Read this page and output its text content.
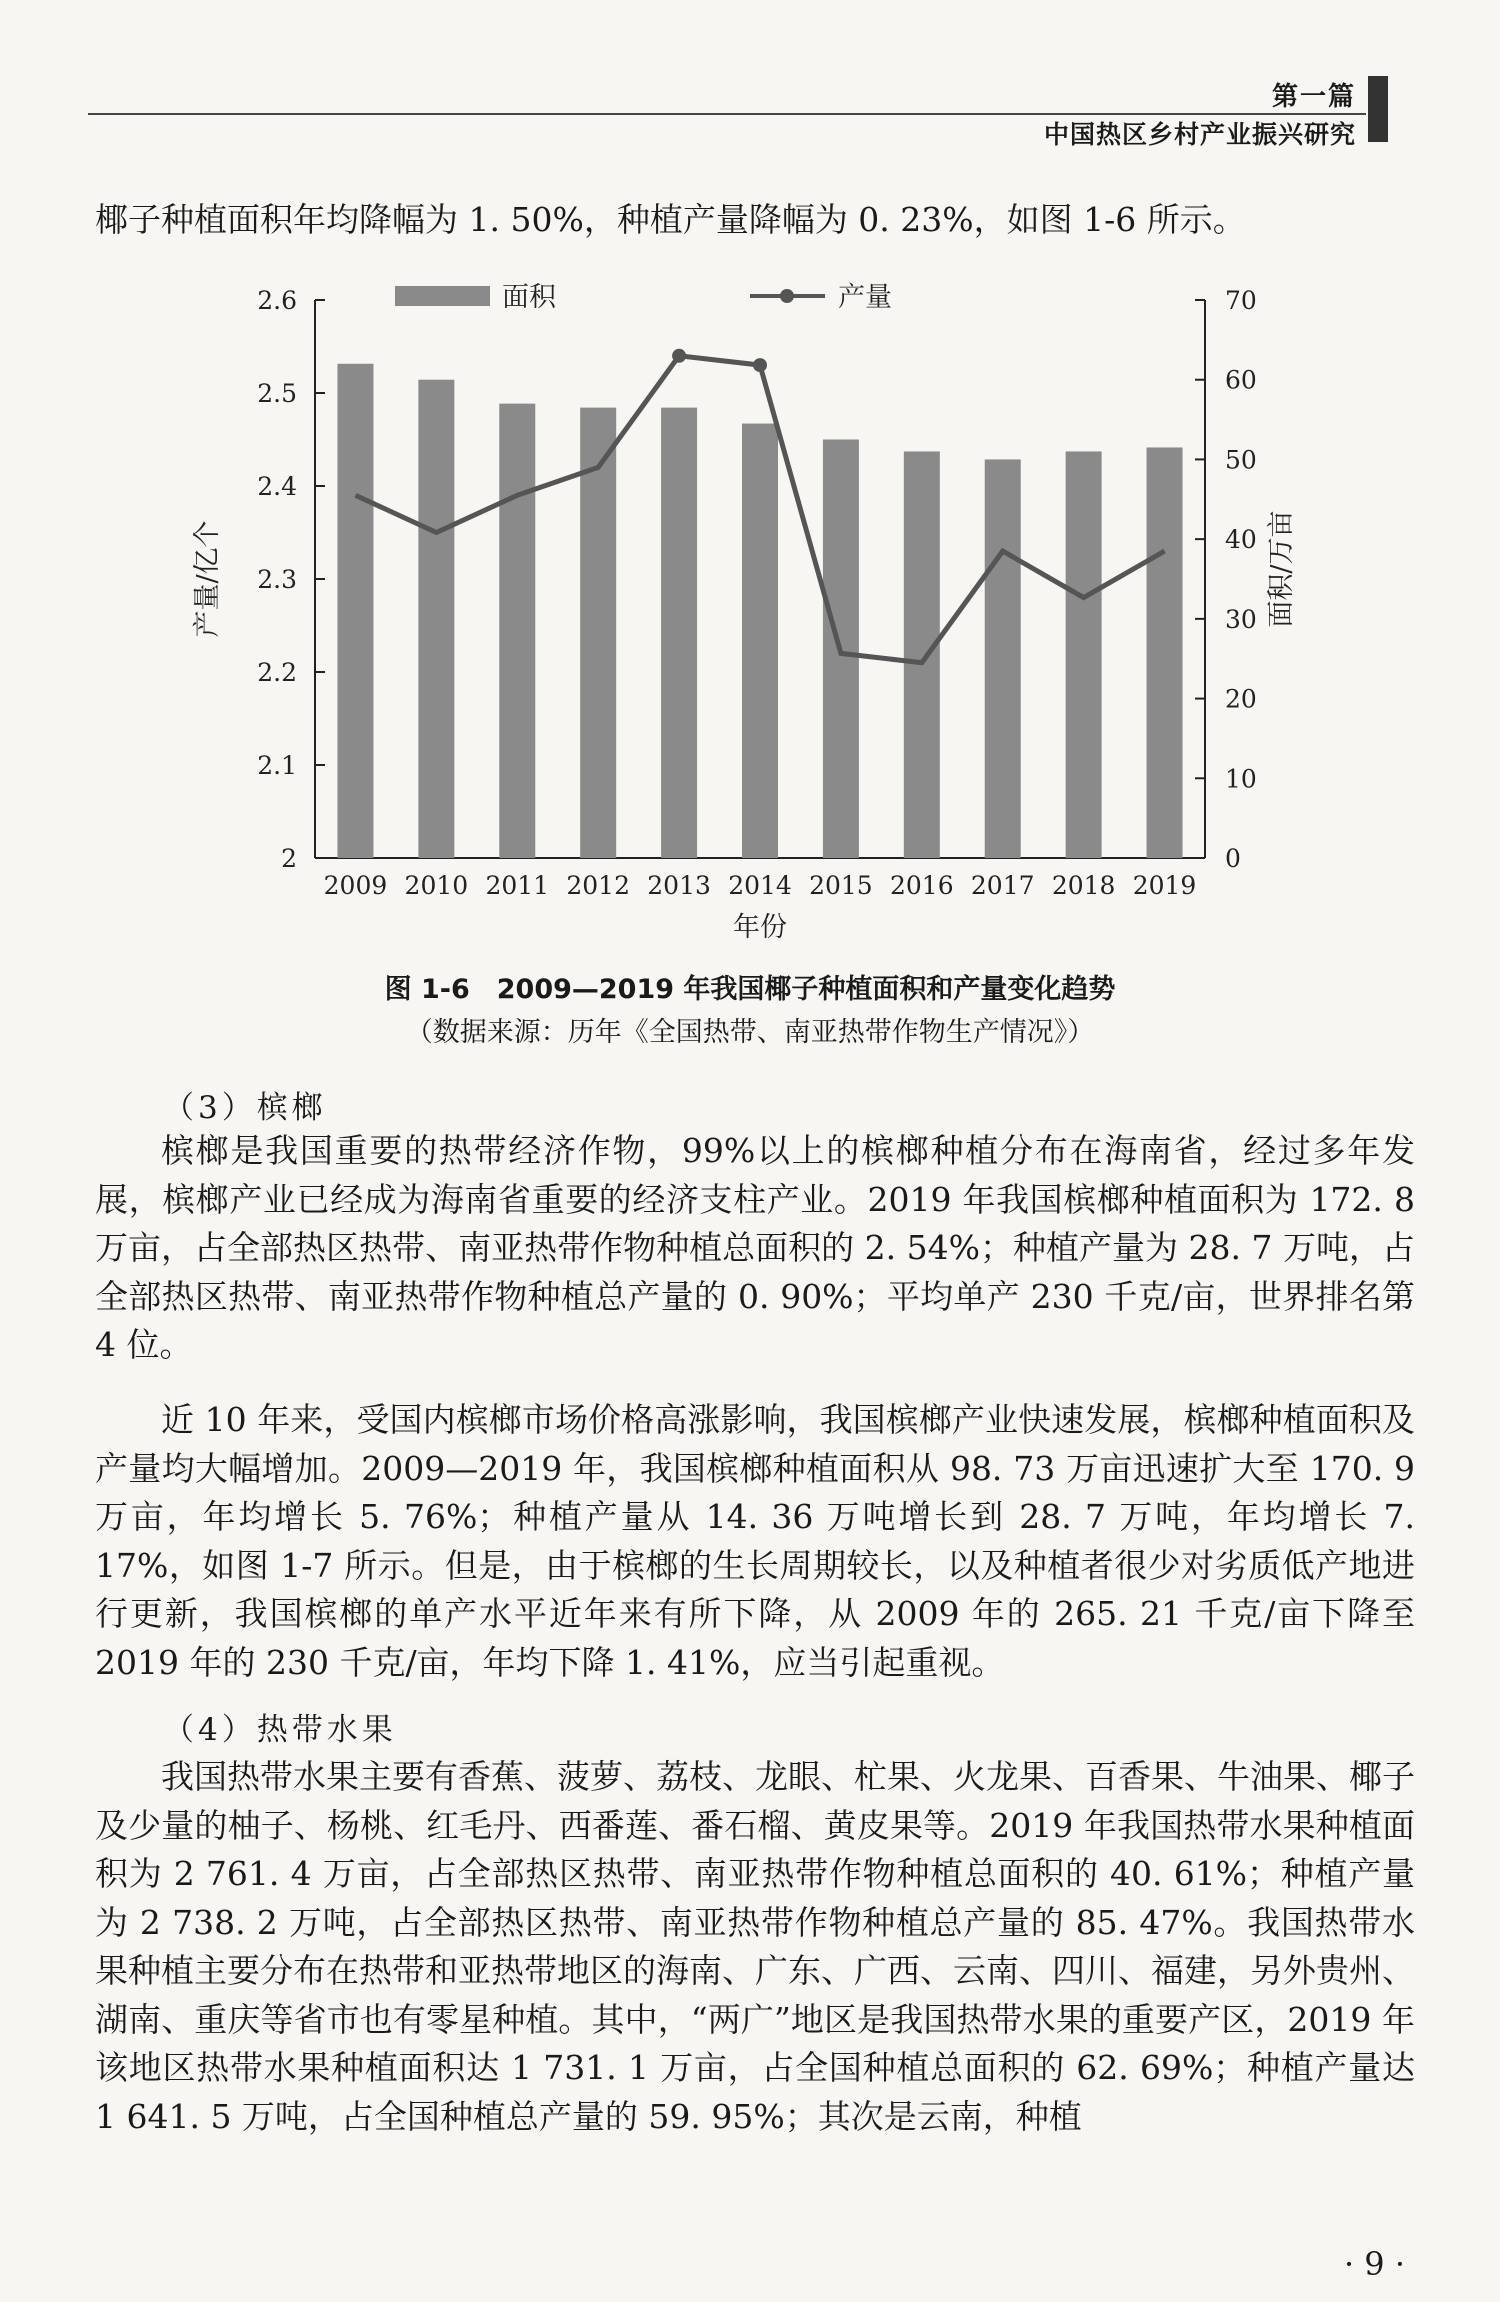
第一篇
中国热区乡村产业振兴研究

椰子种植面积年均降幅为 1. 50%，种植产量降幅为 0. 23%，如图 1-6 所示。

2.6
2.5
2.4
2.3
2.2
2.1
2
70
60
50
40
30
20
10
0
2009 2010 2011 2012 2013 2014 2015 2016 2017 2018 2019
年份
产量/亿个	面积/万亩
面积	产量

图 1-6　2009—2019 年我国椰子种植面积和产量变化趋势

（数据来源：历年《全国热带、南亚热带作物生产情况》）

（3）槟榔

槟榔是我国重要的热带经济作物，99%以上的槟榔种植分布在海南省，经过多年发展，槟榔产业已经成为海南省重要的经济支柱产业。2019 年我国槟榔种植面积为 172. 8 万亩，占全部热区热带、南亚热带作物种植总面积的 2. 54%；种植产量为 28. 7 万吨，占全部热区热带、南亚热带作物种植总产量的 0. 90%；平均单产 230 千克/亩，世界排名第 4 位。

近 10 年来，受国内槟榔市场价格高涨影响，我国槟榔产业快速发展，槟榔种植面积及产量均大幅增加。2009—2019 年，我国槟榔种植面积从 98. 73 万亩迅速扩大至 170. 9 万亩，年均增长 5. 76%；种植产量从 14. 36 万吨增长到 28. 7 万吨，年均增长 7. 17%，如图 1-7 所示。但是，由于槟榔的生长周期较长，以及种植者很少对劣质低产地进行更新，我国槟榔的单产水平近年来有所下降，从 2009 年的 265. 21 千克/亩下降至 2019 年的 230 千克/亩，年均下降 1. 41%，应当引起重视。

（4）热带水果

我国热带水果主要有香蕉、菠萝、荔枝、龙眼、杧果、火龙果、百香果、牛油果、椰子及少量的柚子、杨桃、红毛丹、西番莲、番石榴、黄皮果等。2019 年我国热带水果种植面积为 2 761. 4 万亩，占全部热区热带、南亚热带作物种植总面积的 40. 61%；种植产量为 2 738. 2 万吨，占全部热区热带、南亚热带作物种植总产量的 85. 47%。我国热带水果种植主要分布在热带和亚热带地区的海南、广东、广西、云南、四川、福建，另外贵州、湖南、重庆等省市也有零星种植。其中，“两广”地区是我国热带水果的重要产区，2019 年该地区热带水果种植面积达 1 731. 1 万亩，占全国种植总面积的 62. 69%；种植产量达 1 641. 5 万吨，占全国种植总产量的 59. 95%；其次是云南，种植

· 9 ·
